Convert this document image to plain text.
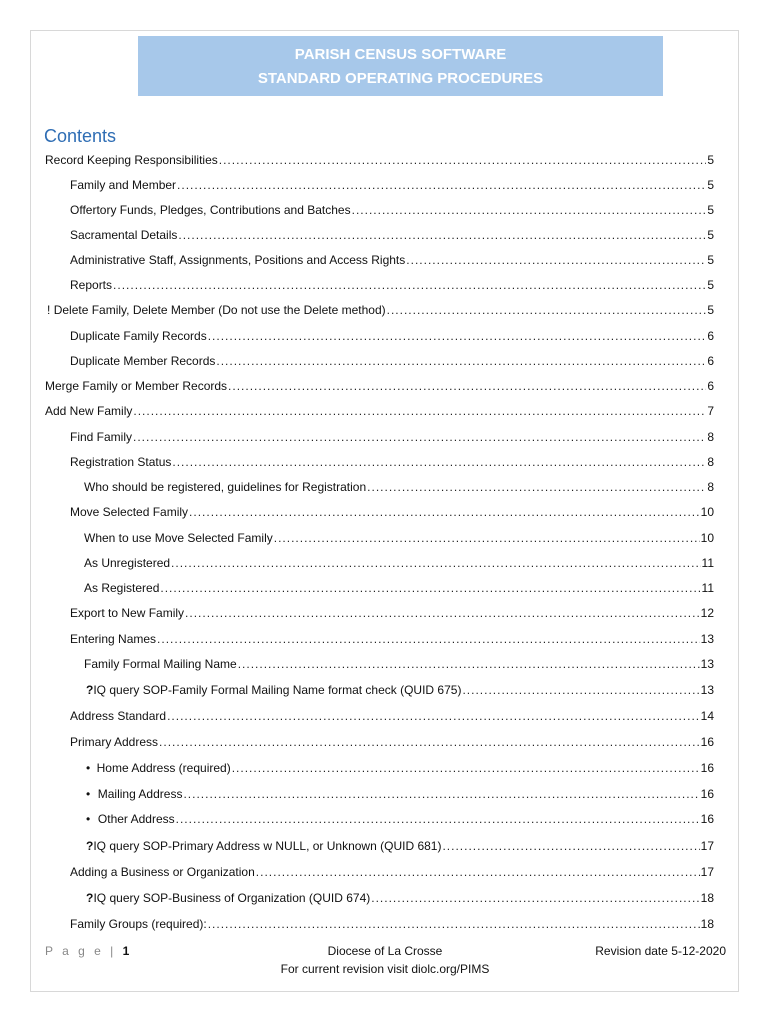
PARISH CENSUS SOFTWARE
STANDARD OPERATING PROCEDURES
Contents
Record Keeping Responsibilities .....	5
Family and Member .....	5
Offertory Funds, Pledges, Contributions and Batches .....	5
Sacramental Details .....	5
Administrative Staff, Assignments, Positions and Access Rights .....	5
Reports .....	5
! Delete Family, Delete Member (Do not use the Delete method) .....	5
Duplicate Family Records .....	6
Duplicate Member Records .....	6
Merge Family or Member Records .....	6
Add New Family .....	7
Find Family .....	8
Registration Status .....	8
Who should be registered, guidelines for Registration .....	8
Move Selected Family .....	10
When to use Move Selected Family .....	10
As Unregistered .....	11
As Registered .....	11
Export to New Family .....	12
Entering Names .....	13
Family Formal Mailing Name .....	13
? IQ query SOP-Family Formal Mailing Name format check (QUID 675) .....	13
Address Standard .....	14
Primary Address .....	16
• Home Address (required) .....	16
• Mailing Address .....	16
• Other Address .....	16
? IQ query SOP-Primary Address w NULL, or Unknown (QUID 681) .....	17
Adding a Business or Organization .....	17
? IQ query SOP-Business of Organization (QUID 674) .....	18
Family Groups (required): .....	18
P a g e | 1	Diocese of La Crosse
For current revision visit diolc.org/PIMS
Revision date 5-12-2020
